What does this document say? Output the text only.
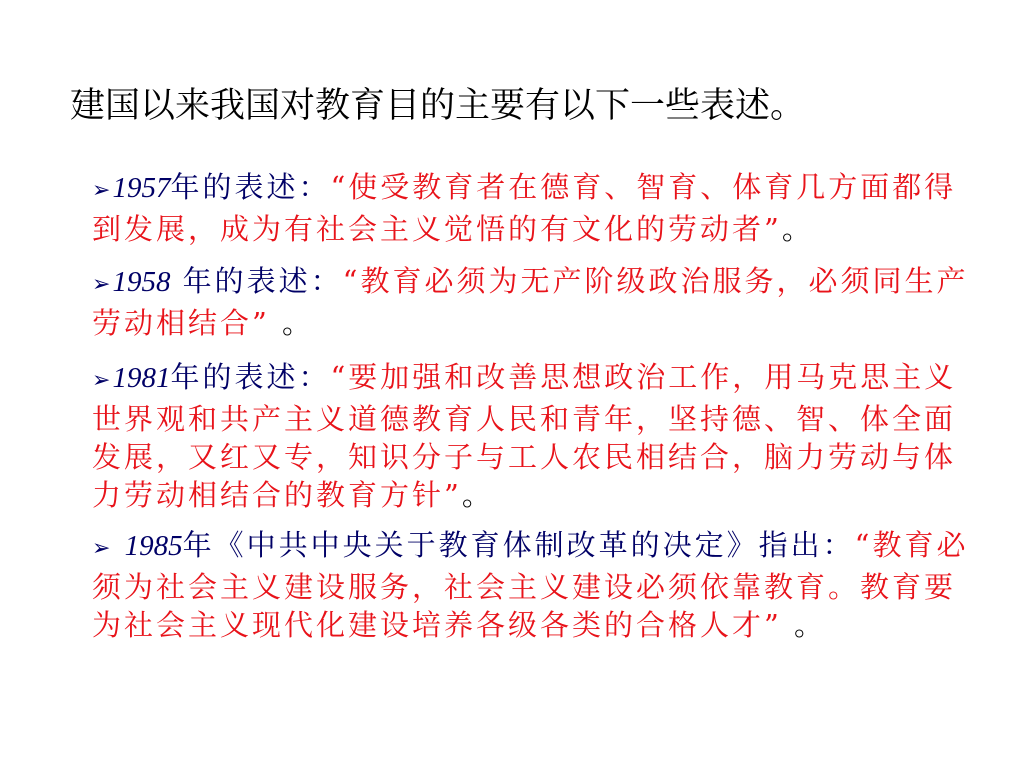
建国以来我国对教育目的主要有以下一些表述。
➢1957年的表述：“使受教育者在德育、智育、体育几方面都得到发展，成为有社会主义觉悟的有文化的劳动者”。
➢1958 年的表述：“教育必须为无产阶级政治服务，必须同生产劳动相结合” 。
➢1981年的表述：“要加强和改善思想政治工作，用马克思主义世界观和共产主义道德教育人民和青年，坚持德、智、体全面发展，又红又专，知识分子与工人农民相结合，脑力劳动与体力劳动相结合的教育方针”。
➢ 1985年《中共中央关于教育体制改革的决定》指出：“教育必须为社会主义建设服务，社会主义建设必须依靠教育。教育要为社会主义现代化建设培养各级各类的合格人才” 。
